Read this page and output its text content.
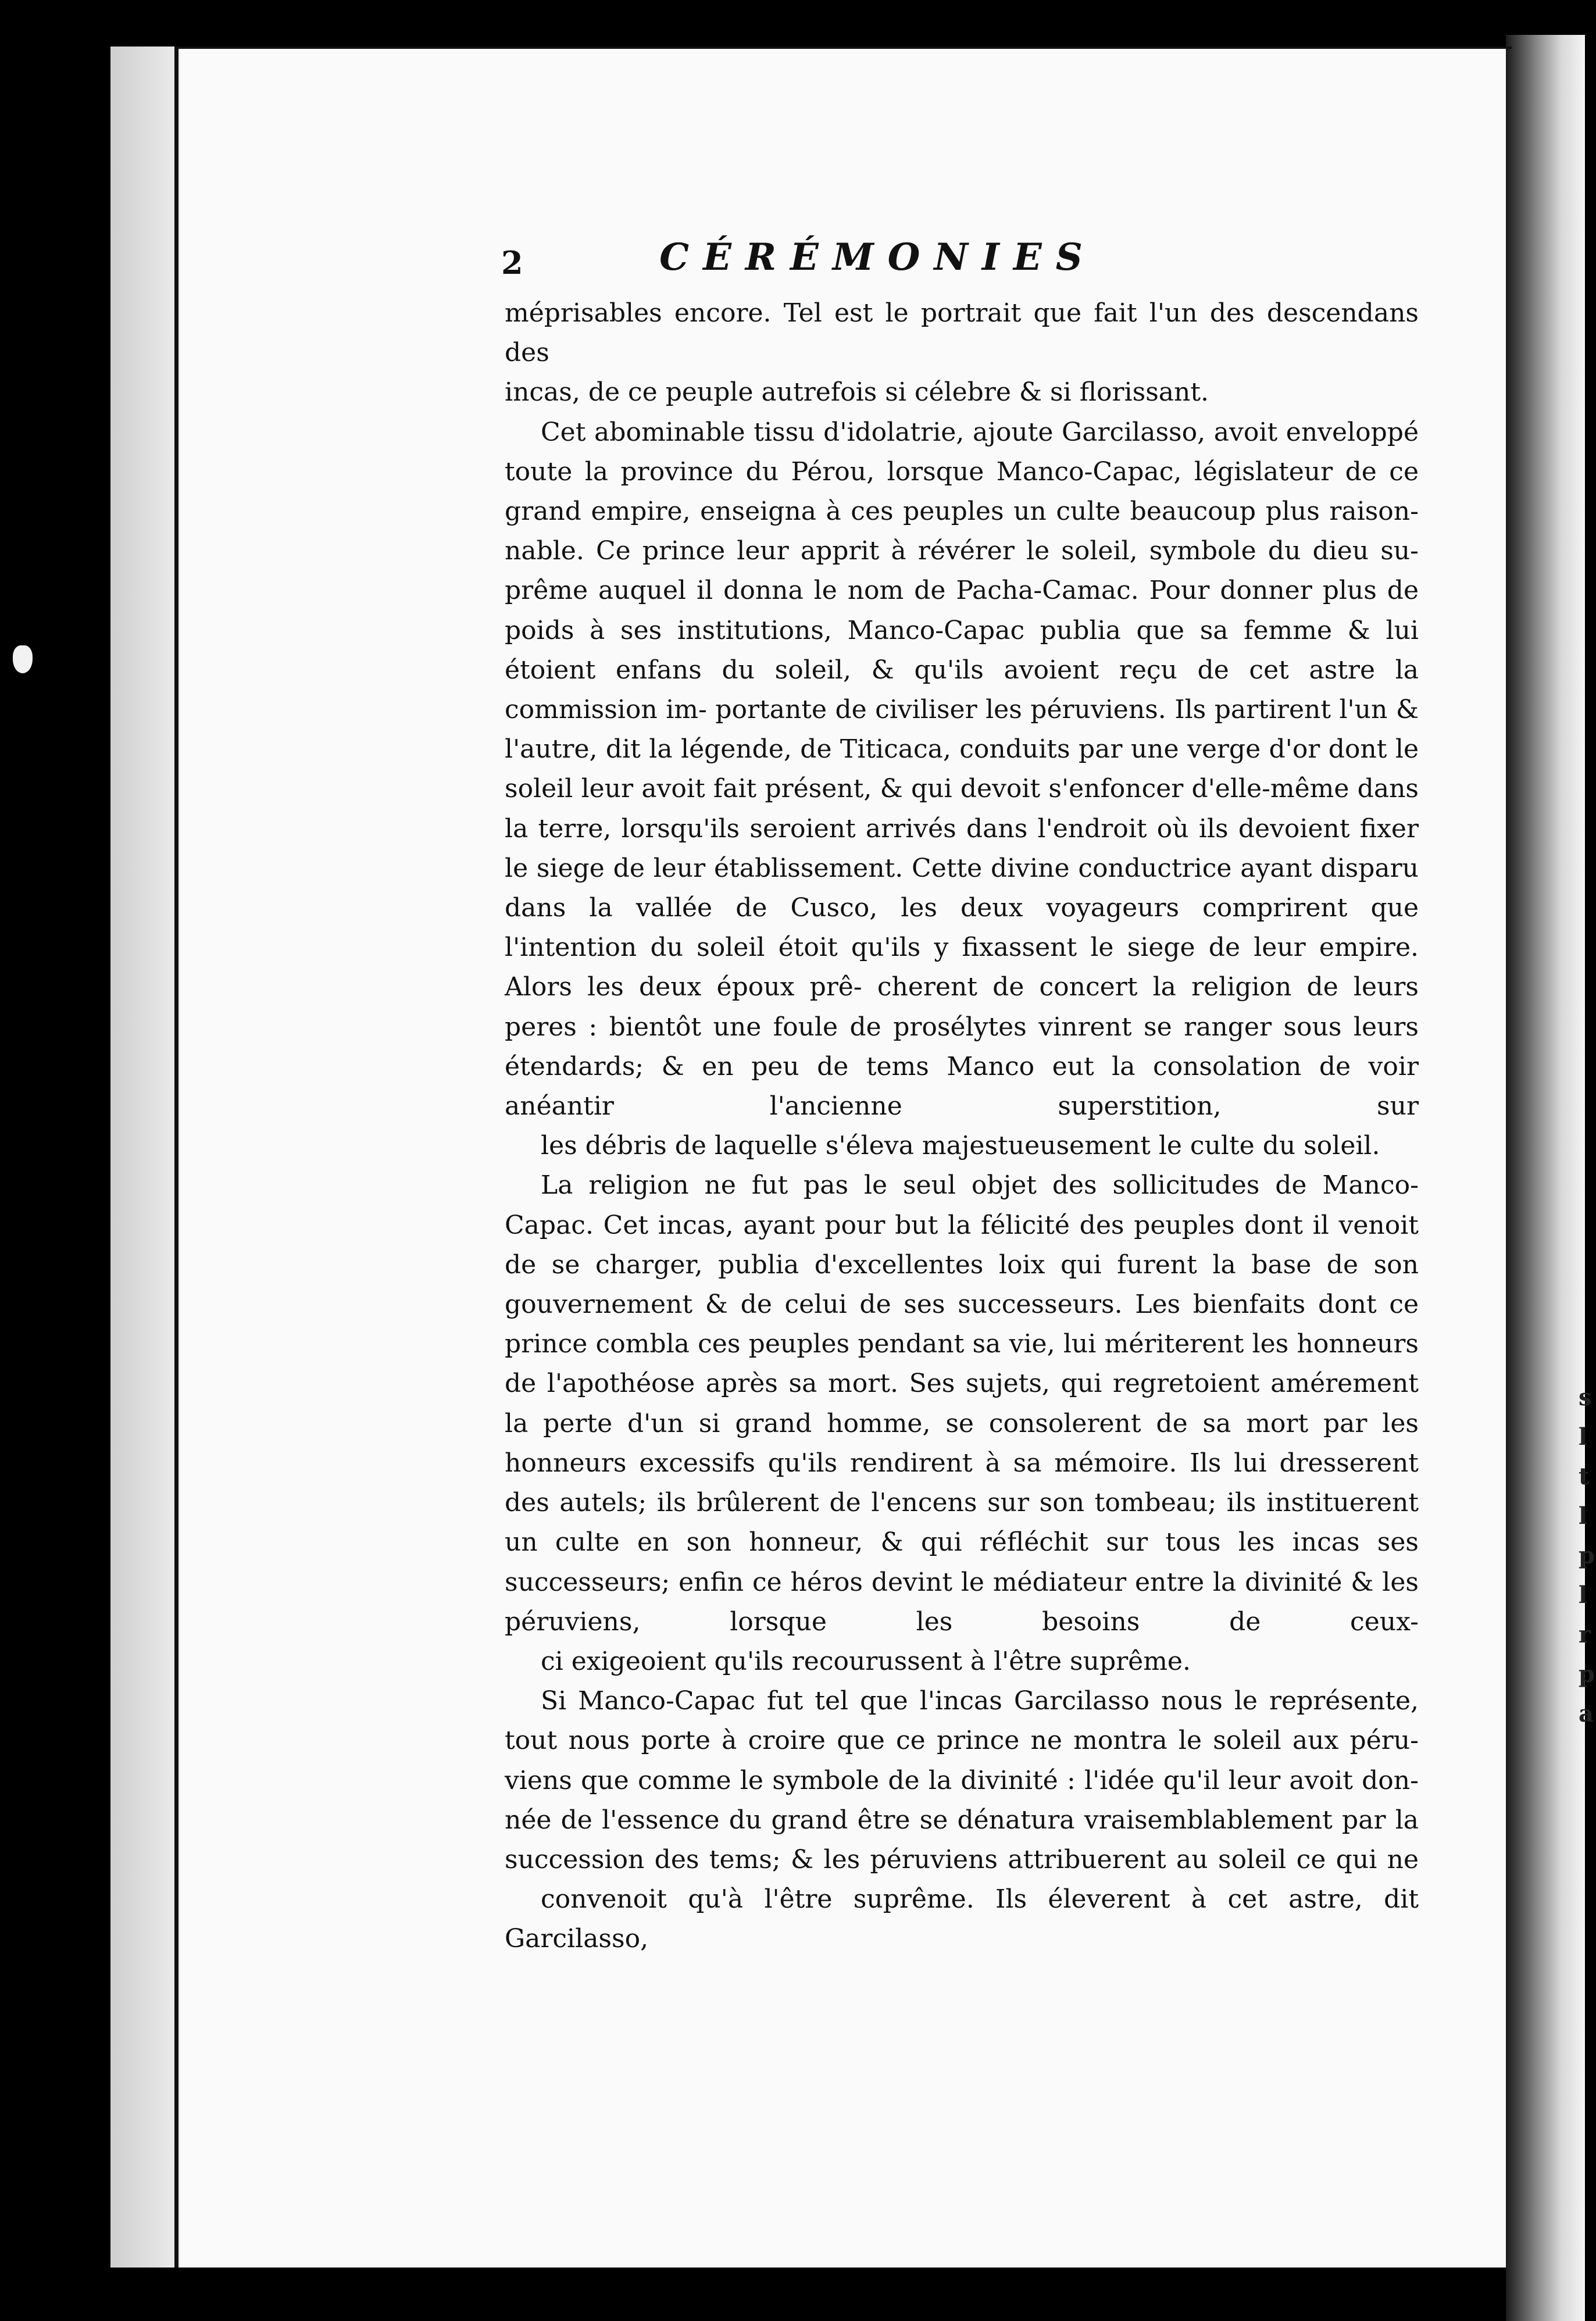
2	CÉRÉMONIES

méprisables encore. Tel est le portrait que fait l'un des descendans des
incas, de ce peuple autrefois si célebre & si florissant.

Cet abominable tissu d'idolatrie, ajoute Garcilasso, avoit enveloppé toute la province du Pérou, lorsque Manco-Capac, législateur de ce grand empire, enseigna à ces peuples un culte beaucoup plus raison- nable. Ce prince leur apprit à révérer le soleil, symbole du dieu su- prême auquel il donna le nom de Pacha-Camac. Pour donner plus de poids à ses institutions, Manco-Capac publia que sa femme & lui étoient enfans du soleil, & qu'ils avoient reçu de cet astre la commission im- portante de civiliser les péruviens. Ils partirent l'un & l'autre, dit la légende, de Titicaca, conduits par une verge d'or dont le soleil leur avoit fait présent, & qui devoit s'enfoncer d'elle-même dans la terre, lorsqu'ils seroient arrivés dans l'endroit où ils devoient fixer le siege de leur établissement. Cette divine conductrice ayant disparu dans la vallée de Cusco, les deux voyageurs comprirent que l'intention du soleil étoit qu'ils y fixassent le siege de leur empire. Alors les deux époux prê- cherent de concert la religion de leurs peres : bientôt une foule de prosélytes vinrent se ranger sous leurs étendards; & en peu de tems Manco eut la consolation de voir anéantir l'ancienne superstition, sur
les débris de laquelle s'éleva majestueusement le culte du soleil.

La religion ne fut pas le seul objet des sollicitudes de Manco-Capac. Cet incas, ayant pour but la félicité des peuples dont il venoit de se charger, publia d'excellentes loix qui furent la base de son gouvernement & de celui de ses successeurs. Les bienfaits dont ce prince combla ces peuples pendant sa vie, lui mériterent les honneurs de l'apothéose après sa mort. Ses sujets, qui regretoient amérement la perte d'un si grand homme, se consolerent de sa mort par les honneurs excessifs qu'ils rendirent à sa mémoire. Ils lui dresserent des autels; ils brûlerent de l'encens sur son tombeau; ils instituerent un culte en son honneur, & qui réfléchit sur tous les incas ses successeurs; enfin ce héros devint le médiateur entre la divinité & les péruviens, lorsque les besoins de ceux-
ci exigeoient qu'ils recourussent à l'être suprême.

Si Manco-Capac fut tel que l'incas Garcilasso nous le représente, tout nous porte à croire que ce prince ne montra le soleil aux péru- viens que comme le symbole de la divinité : l'idée qu'il leur avoit don- née de l'essence du grand être se dénatura vraisemblablement par la succession des tems; & les péruviens attribuerent au soleil ce qui ne
convenoit qu'à l'être suprême. Ils éleverent à cet astre, dit Garcilasso,

s
l
t
l
p
l
r
p
a
